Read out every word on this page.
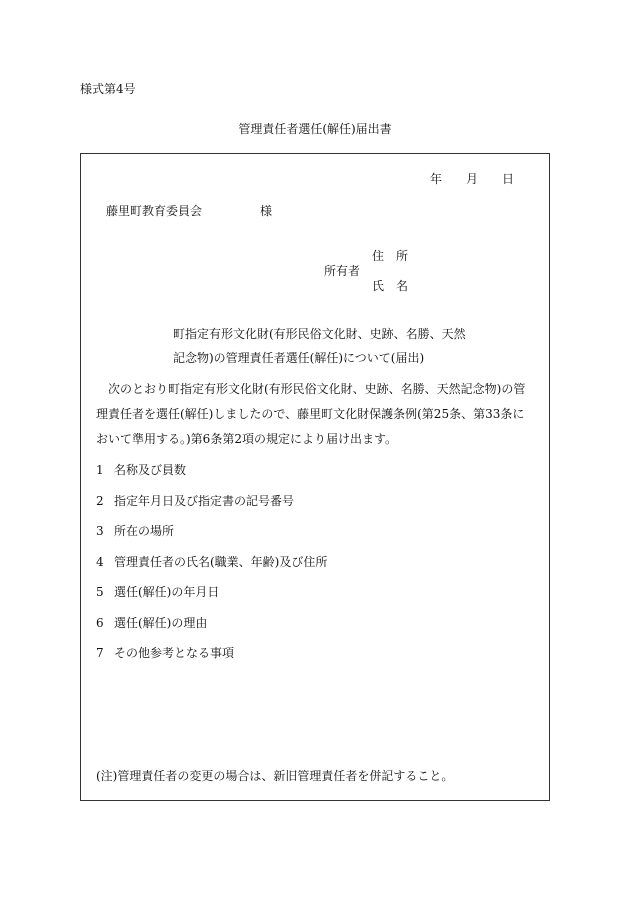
様式第4号
管理責任者選任(解任)届出書
年 月 日
藤里町教育委員会	様
所有者
住　所
氏　名
町指定有形文化財(有形民俗文化財、史跡、名勝、天然
記念物)の管理責任者選任(解任)について(届出)

次のとおり町指定有形文化財(有形民俗文化財、史跡、名勝、天然記念物)の管理責任者を選任(解任)しましたので、藤里町文化財保護条例(第25条、第33条において準用する。)第6条第2項の規定により届け出ます。

1 名称及び員数
2 指定年月日及び指定書の記号番号
3 所在の場所
4 管理責任者の氏名(職業、年齢)及び住所
5 選任(解任)の年月日
6 選任(解任)の理由
7 その他参考となる事項
(注)管理責任者の変更の場合は、新旧管理責任者を併記すること。
